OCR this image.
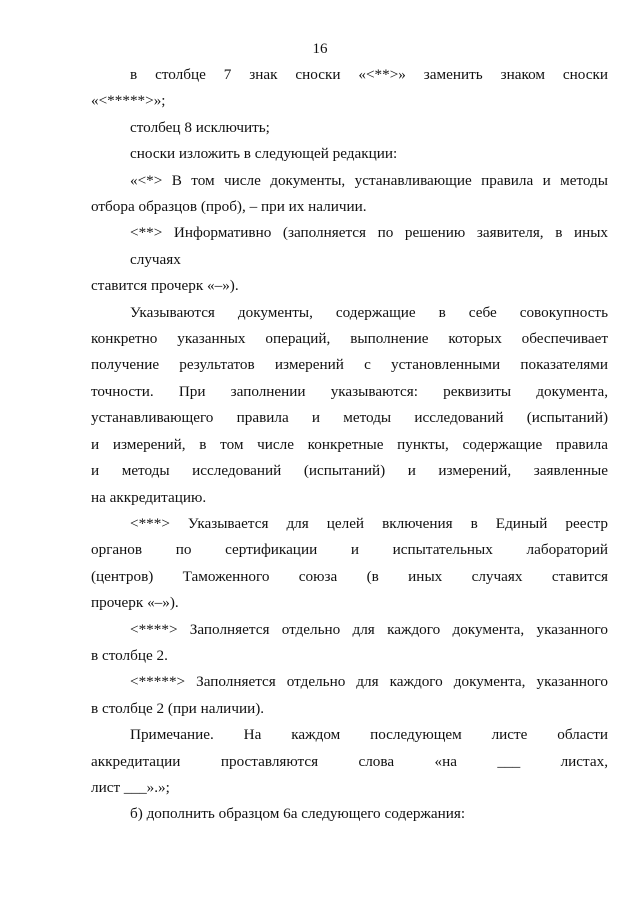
16

в столбце 7 знак сноски «<**>» заменить знаком сноски
«<*****>»;

столбец 8 исключить;

сноски изложить в следующей редакции:

«<*> В том числе документы, устанавливающие правила и методы
отбора образцов (проб), – при их наличии.

<**> Информативно (заполняется по решению заявителя, в иных случаях
ставится прочерк «–»).

Указываются документы, содержащие в себе совокупность
конкретно указанных операций, выполнение которых обеспечивает
получение результатов измерений с установленными показателями
точности. При заполнении указываются: реквизиты документа,
устанавливающего правила и методы исследований (испытаний)
и измерений, в том числе конкретные пункты, содержащие правила
и методы исследований (испытаний) и измерений, заявленные
на аккредитацию.

<***> Указывается для целей включения в Единый реестр
органов по сертификации и испытательных лабораторий
(центров) Таможенного союза (в иных случаях ставится
прочерк «–»).

<****> Заполняется отдельно для каждого документа, указанного
в столбце 2.

<*****> Заполняется отдельно для каждого документа, указанного
в столбце 2 (при наличии).

Примечание. На каждом последующем листе области
аккредитации проставляются слова «на ___ листах,
лист ___».»;

б) дополнить образцом 6а следующего содержания:
